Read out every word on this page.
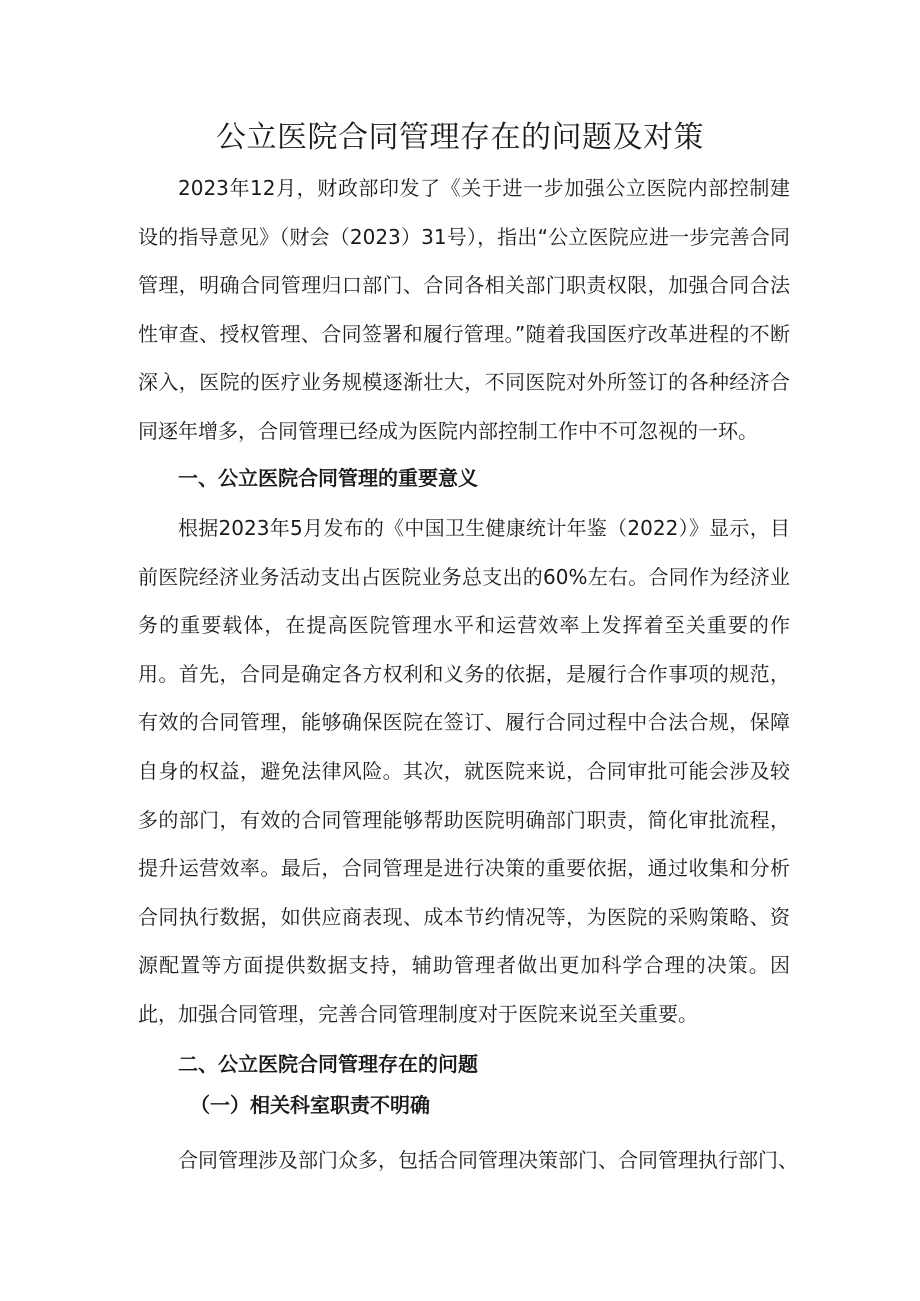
公立医院合同管理存在的问题及对策

2023年12月，财政部印发了《关于进一步加强公立医院内部控制建设的指导意见》（财会（2023）31号），指出“公立医院应进一步完善合同管理，明确合同管理归口部门、合同各相关部门职责权限，加强合同合法性审查、授权管理、合同签署和履行管理。”随着我国医疗改革进程的不断深入，医院的医疗业务规模逐渐壮大，不同医院对外所签订的各种经济合同逐年增多，合同管理已经成为医院内部控制工作中不可忽视的一环。

一、公立医院合同管理的重要意义

根据2023年5月发布的《中国卫生健康统计年鉴（2022）》显示，目前医院经济业务活动支出占医院业务总支出的60%左右。合同作为经济业务的重要载体，在提高医院管理水平和运营效率上发挥着至关重要的作用。首先，合同是确定各方权利和义务的依据，是履行合作事项的规范，有效的合同管理，能够确保医院在签订、履行合同过程中合法合规，保障自身的权益，避免法律风险。其次，就医院来说，合同审批可能会涉及较多的部门，有效的合同管理能够帮助医院明确部门职责，简化审批流程，提升运营效率。最后，合同管理是进行决策的重要依据，通过收集和分析合同执行数据，如供应商表现、成本节约情况等，为医院的采购策略、资源配置等方面提供数据支持，辅助管理者做出更加科学合理的决策。因此，加强合同管理，完善合同管理制度对于医院来说至关重要。

二、公立医院合同管理存在的问题
（一）相关科室职责不明确

合同管理涉及部门众多，包括合同管理决策部门、合同管理执行部门、
